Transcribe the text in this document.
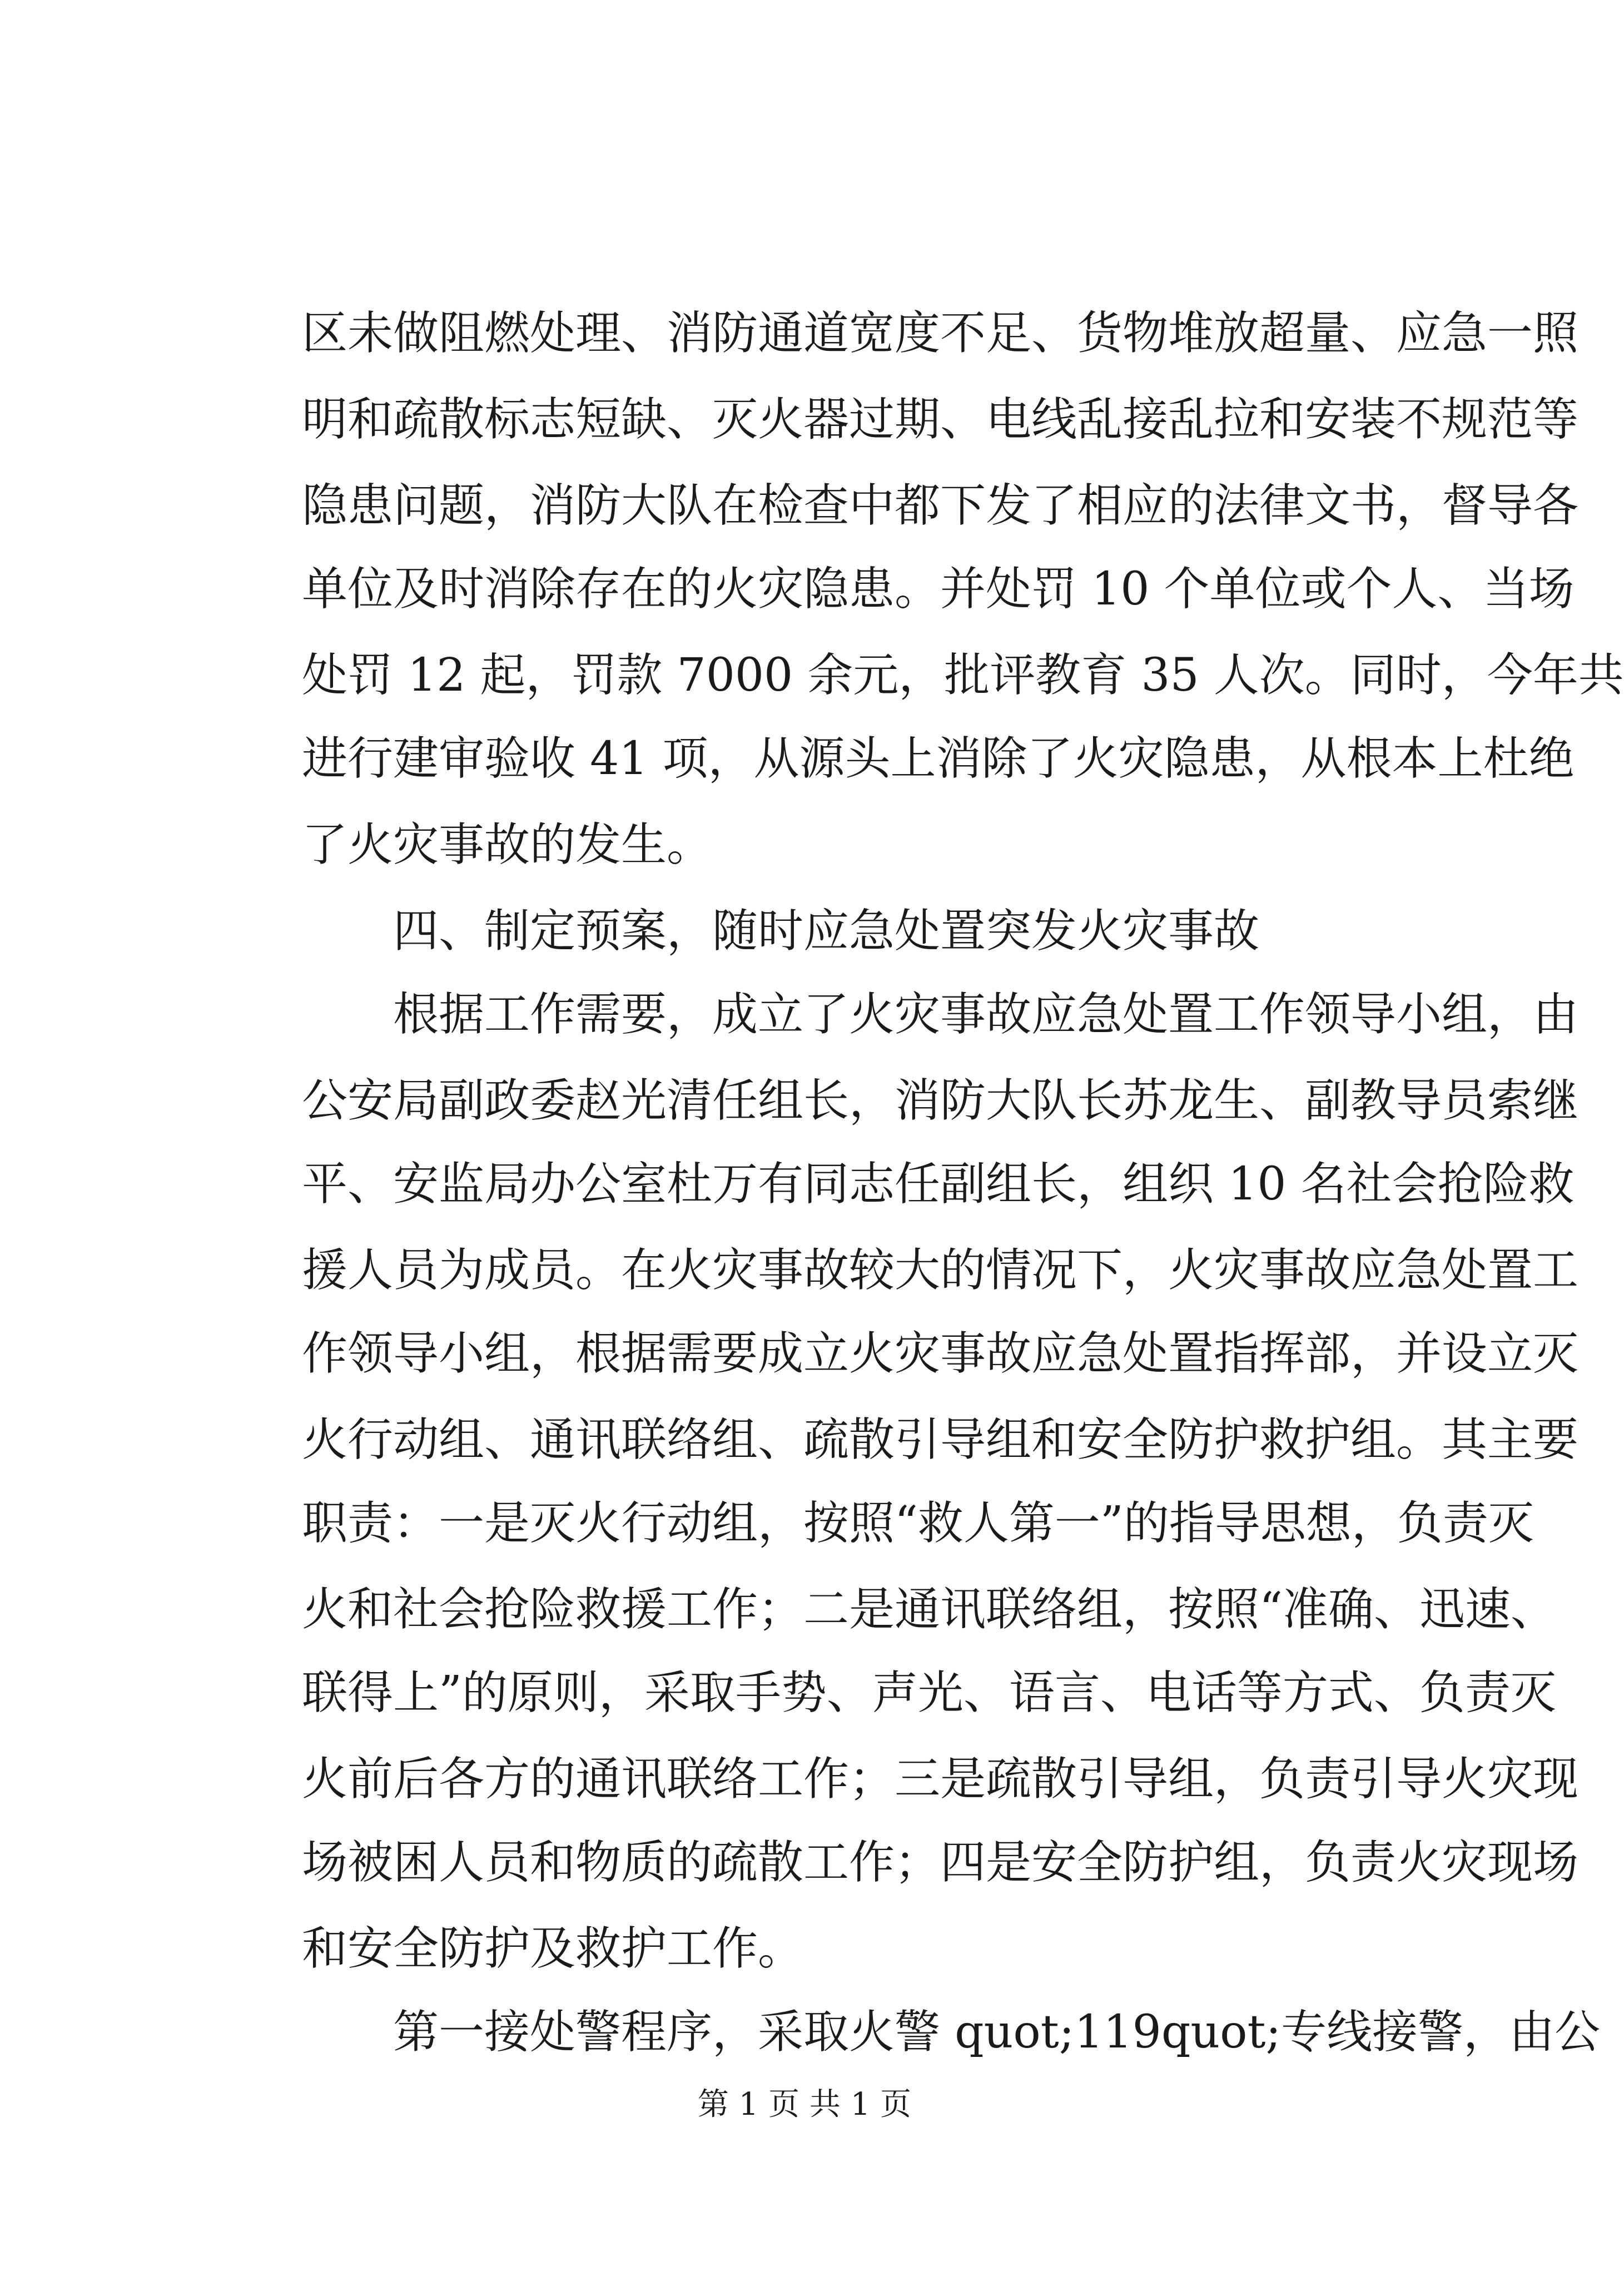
区未做阻燃处理、消防通道宽度不足、货物堆放超量、应急一照
明和疏散标志短缺、灭火器过期、电线乱接乱拉和安装不规范等
隐患问题，消防大队在检查中都下发了相应的法律文书，督导各
单位及时消除存在的火灾隐患。并处罚 10 个单位或个人、当场
处罚 12 起，罚款 7000 余元，批评教育 35 人次。同时，今年共
进行建审验收 41 项，从源头上消除了火灾隐患，从根本上杜绝
了火灾事故的发生。
　　四、制定预案，随时应急处置突发火灾事故
　　根据工作需要，成立了火灾事故应急处置工作领导小组，由
公安局副政委赵光清任组长，消防大队长苏龙生、副教导员索继
平、安监局办公室杜万有同志任副组长，组织 10 名社会抢险救
援人员为成员。在火灾事故较大的情况下，火灾事故应急处置工
作领导小组，根据需要成立火灾事故应急处置指挥部，并设立灭
火行动组、通讯联络组、疏散引导组和安全防护救护组。其主要
职责：一是灭火行动组，按照“救人第一”的指导思想，负责灭
火和社会抢险救援工作；二是通讯联络组，按照“准确、迅速、
联得上”的原则，采取手势、声光、语言、电话等方式、负责灭
火前后各方的通讯联络工作；三是疏散引导组，负责引导火灾现
场被困人员和物质的疏散工作；四是安全防护组，负责火灾现场
和安全防护及救护工作。
　　第一接处警程序，采取火警 quot;119quot;专线接警，由公
第 1 页 共 1 页
